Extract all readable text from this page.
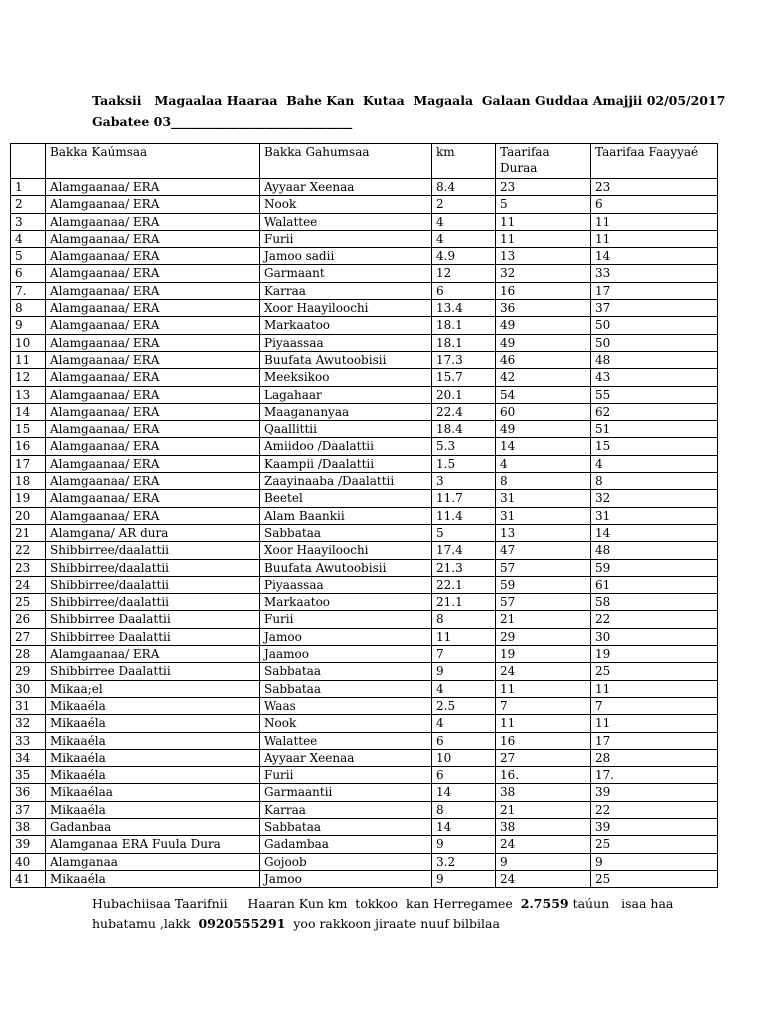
Taaksii   Magaalaa Haaraa  Bahe Kan  Kutaa  Magaala  Galaan Guddaa Amajjii 02/05/2017
Gabatee 03_____________________________
	Bakka Kaúmsaa	Bakka Gahumsaa	km	Taarifaa Duraa	Taarifaa Faayyaé
1	Alamgaanaa/ ERA	Ayyaar Xeenaa	8.4	23	23
2	Alamgaanaa/ ERA	Nook	2	5	6
3	Alamgaanaa/ ERA	Walattee	4	11	11
4	Alamgaanaa/ ERA	Furii	4	11	11
5	Alamgaanaa/ ERA	Jamoo sadii	4.9	13	14
6	Alamgaanaa/ ERA	Garmaant	12	32	33
7.	Alamgaanaa/ ERA	Karraa	6	16	17
8	Alamgaanaa/ ERA	Xoor Haayiloochi	13.4	36	37
9	Alamgaanaa/ ERA	Markaatoo	18.1	49	50
10	Alamgaanaa/ ERA	Piyaassaa	18.1	49	50
11	Alamgaanaa/ ERA	Buufata Awutoobisii	17.3	46	48
12	Alamgaanaa/ ERA	Meeksikoo	15.7	42	43
13	Alamgaanaa/ ERA	Lagahaar	20.1	54	55
14	Alamgaanaa/ ERA	Maagananyaa	22.4	60	62
15	Alamgaanaa/ ERA	Qaallittii	18.4	49	51
16	Alamgaanaa/ ERA	Amiidoo /Daalattii	5.3	14	15
17	Alamgaanaa/ ERA	Kaampii /Daalattii	1.5	4	4
18	Alamgaanaa/ ERA	Zaayinaaba /Daalattii	3	8	8
19	Alamgaanaa/ ERA	Beetel	11.7	31	32
20	Alamgaanaa/ ERA	Alam Baankii	11.4	31	31
21	Alamgana/ AR dura	Sabbataa	5	13	14
22	Shibbirree/daalattii	Xoor Haayiloochi	17.4	47	48
23	Shibbirree/daalattii	Buufata Awutoobisii	21.3	57	59
24	Shibbirree/daalattii	Piyaassaa	22.1	59	61
25	Shibbirree/daalattii	Markaatoo	21.1	57	58
26	Shibbirree Daalattii	Furii	8	21	22
27	Shibbirree Daalattii	Jamoo	11	29	30
28	Alamgaanaa/ ERA	Jaamoo	7	19	19
29	Shibbirree Daalattii	Sabbataa	9	24	25
30	Mikaa;el	Sabbataa	4	11	11
31	Mikaaéla	Waas	2.5	7	7
32	Mikaaéla	Nook	4	11	11
33	Mikaaéla	Walattee	6	16	17
34	Mikaaéla	Ayyaar Xeenaa	10	27	28
35	Mikaaéla	Furii	6	16.	17.
36	Mikaaélaa	Garmaantii	14	38	39
37	Mikaaéla	Karraa	8	21	22
38	Gadanbaa	Sabbataa	14	38	39
39	Alamganaa ERA Fuula Dura	Gadambaa	9	24	25
40	Alamganaa	Gojoob	3.2	9	9
41	Mikaaéla	Jamoo	9	24	25
Hubachiisaa Taarifnii     Haaran Kun km  tokkoo  kan Herregamee  2.7559 taúun   isaa haa
hubatamu ,lakk  0920555291  yoo rakkoon jiraate nuuf bilbilaa
